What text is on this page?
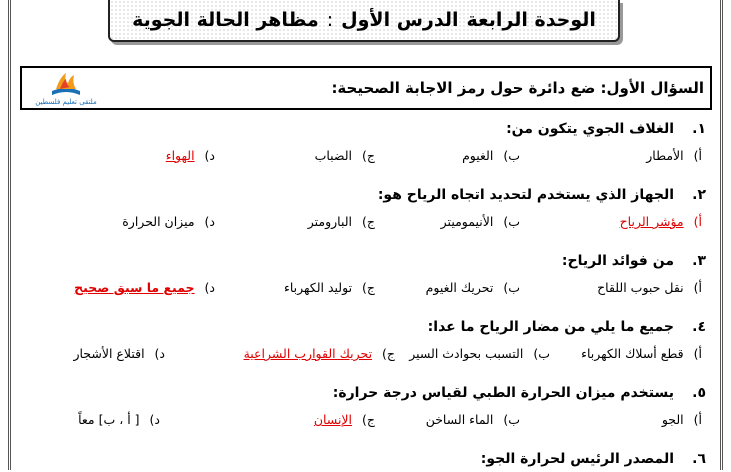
الوحدة الرابعة
الدرس الأول
:
مظاهر الحالة الجوية
ملتقى تعليم فلسطين
السؤال الأول: ضع دائرة حول رمز الاجابة الصحيحة:
١.
الغلاف الجوي يتكون من:
أ)
الأمطار
ب)
الغيوم
ج)
الضباب
د)
الهواء
٢.
الجهاز الذي يستخدم لتحديد اتجاه الرياح هو:
أ)
مؤشر الرياح
ب)
الأنيموميتر
ج)
البارومتر
د)
ميزان الحرارة
٣.
من فوائد الرياح:
أ)
نقل حبوب اللقاح
ب)
تحريك الغيوم
ج)
توليد الكهرباء
د)
جميع ما سبق صحيح
٤.
جميع ما يلي من مضار الرياح ما عدا:
أ)
قطع أسلاك الكهرباء
ب)
التسبب بحوادث السير
ج)
تحريك القوارب الشراعية
د)
اقتلاع الأشجار
٥.
يستخدم ميزان الحرارة الطبي لقياس درجة حرارة:
أ)
الجو
ب)
الماء الساخن
ج)
الإنسان
د)
[ أ ، ب] معاً
٦.
المصدر الرئيس لحرارة الجو:
